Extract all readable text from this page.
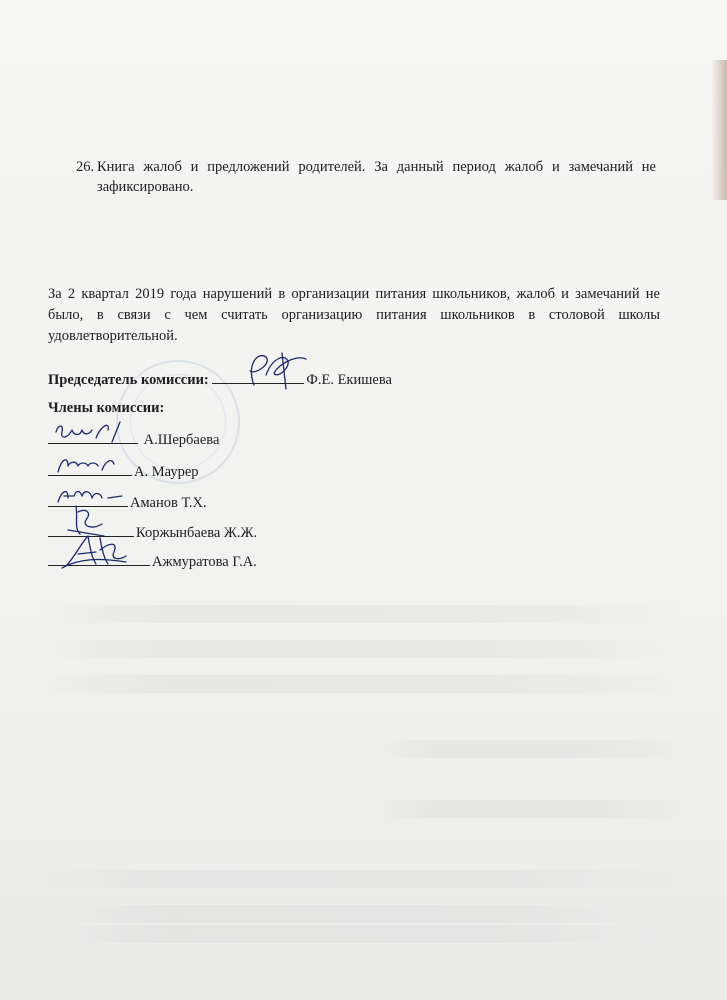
26. Книга жалоб и предложений родителей. За данный период жалоб и замечаний не зафиксировано.
За 2 квартал 2019 года нарушений в организации питания школьников, жалоб и замечаний не было, в связи с чем считать организацию питания школьников в столовой школы удовлетворительной.
Председатель комиссии:	Ф.Е. Екишева
Члены комиссии:
А.Шербаева
А. Маурер
Аманов Т.Х.
Коржынбаева Ж.Ж.
Ажмуратова Г.А.
